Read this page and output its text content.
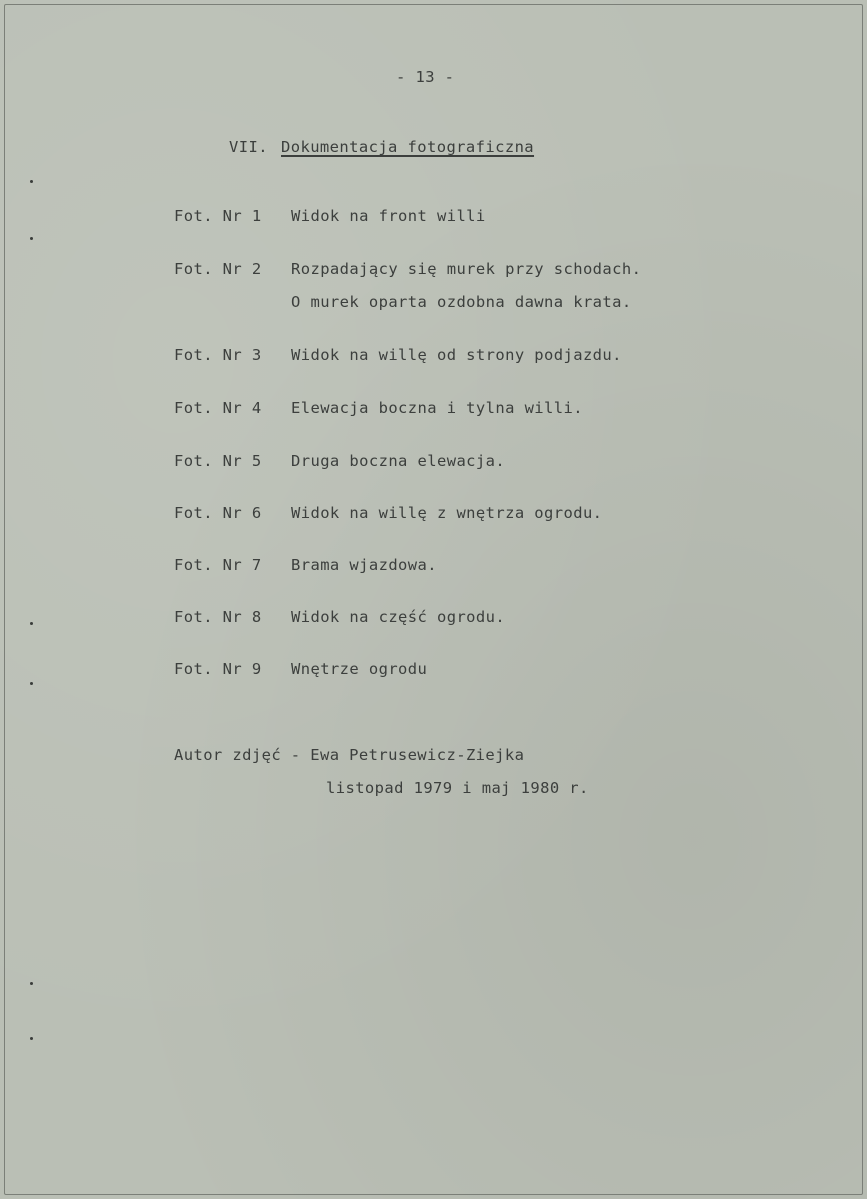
- 13 -
VII. Dokumentacja fotograficzna
Fot. Nr 1 Widok na front willi
Fot. Nr 2 Rozpadający się murek przy schodach.
O murek oparta ozdobna dawna krata.
Fot. Nr 3 Widok na willę od strony podjazdu.
Fot. Nr 4 Elewacja boczna i tylna willi.
Fot. Nr 5 Druga boczna elewacja.
Fot. Nr 6 Widok na willę z wnętrza ogrodu.
Fot. Nr 7 Brama wjazdowa.
Fot. Nr 8 Widok na część ogrodu.
Fot. Nr 9 Wnętrze ogrodu
Autor zdjęć - Ewa Petrusewicz-Ziejka
listopad 1979 i maj 1980 r.
